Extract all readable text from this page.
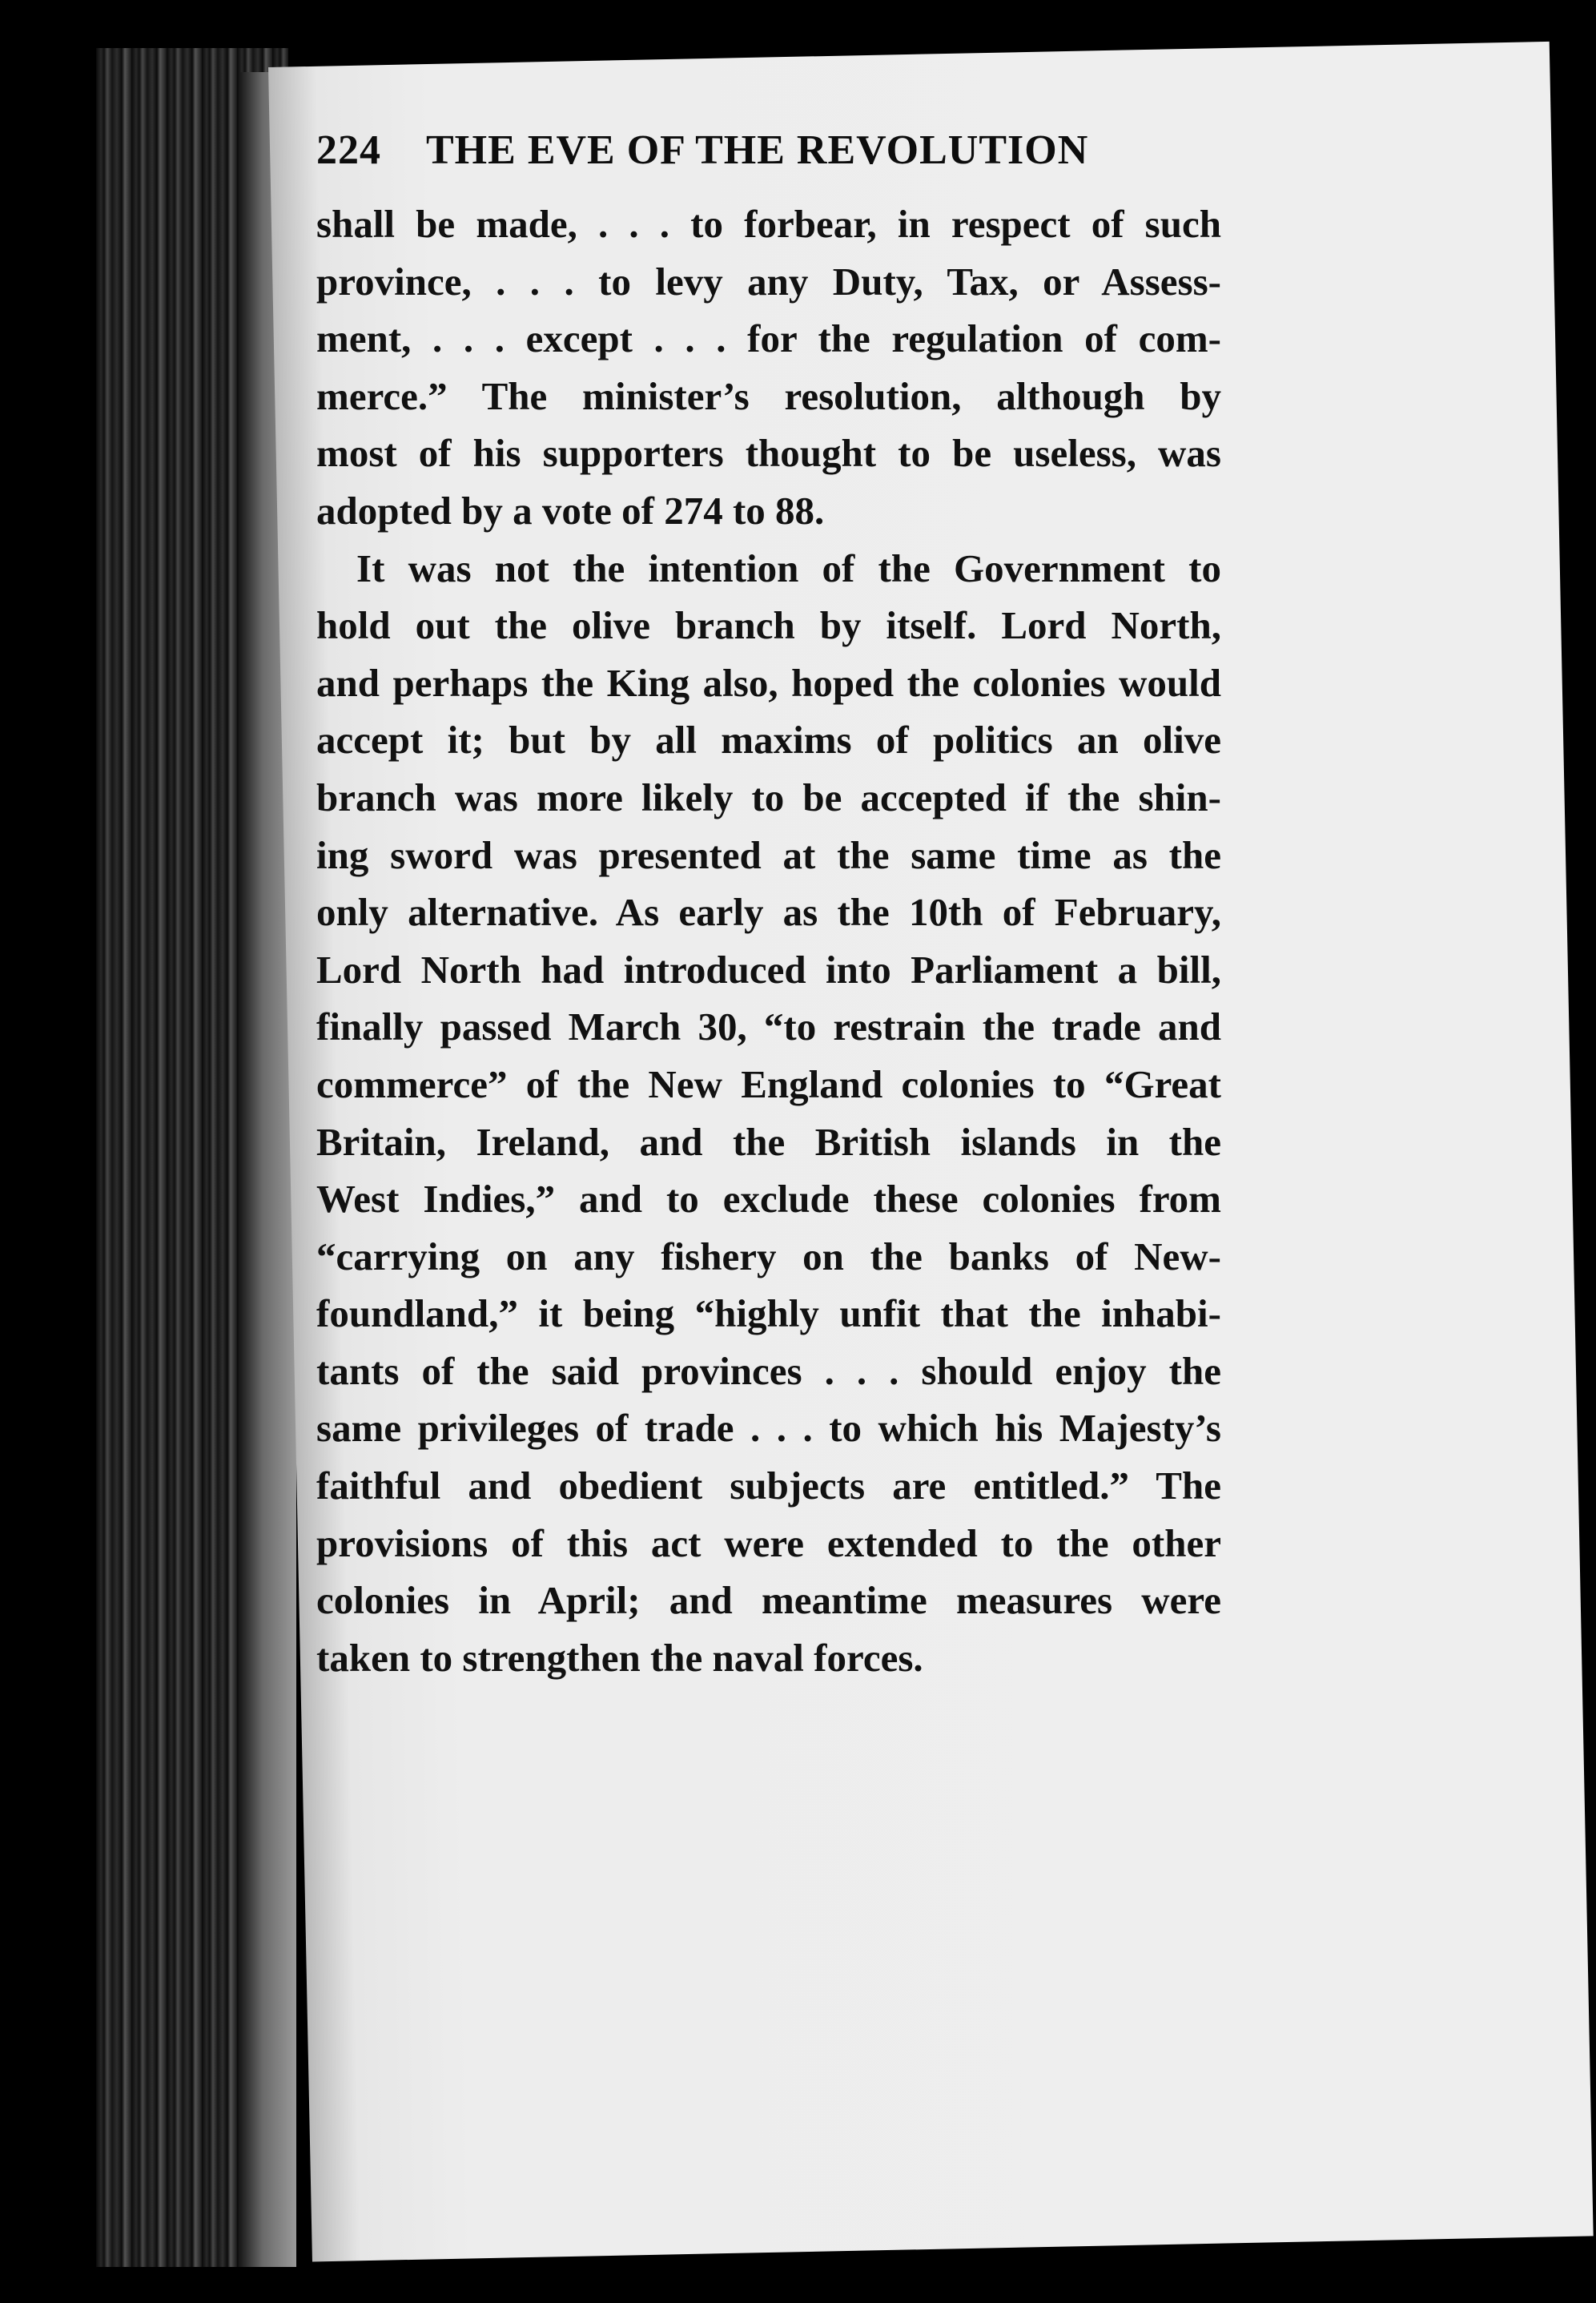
224 THE EVE OF THE REVOLUTION
shall be made, . . . to forbear, in respect of such
province, . . . to levy any Duty, Tax, or Assess-
ment, . . . except . . . for the regulation of com-
merce.” The minister’s resolution, although by
most of his supporters thought to be useless, was
adopted by a vote of 274 to 88.
It was not the intention of the Government to
hold out the olive branch by itself. Lord North,
and perhaps the King also, hoped the colonies would
accept it; but by all maxims of politics an olive
branch was more likely to be accepted if the shin-
ing sword was presented at the same time as the
only alternative. As early as the 10th of February,
Lord North had introduced into Parliament a bill,
finally passed March 30, “to restrain the trade and
commerce” of the New England colonies to “Great
Britain, Ireland, and the British islands in the
West Indies,” and to exclude these colonies from
“carrying on any fishery on the banks of New-
foundland,” it being “highly unfit that the inhabi-
tants of the said provinces . . . should enjoy the
same privileges of trade . . . to which his Majesty’s
faithful and obedient subjects are entitled.” The
provisions of this act were extended to the other
colonies in April; and meantime measures were
taken to strengthen the naval forces.
